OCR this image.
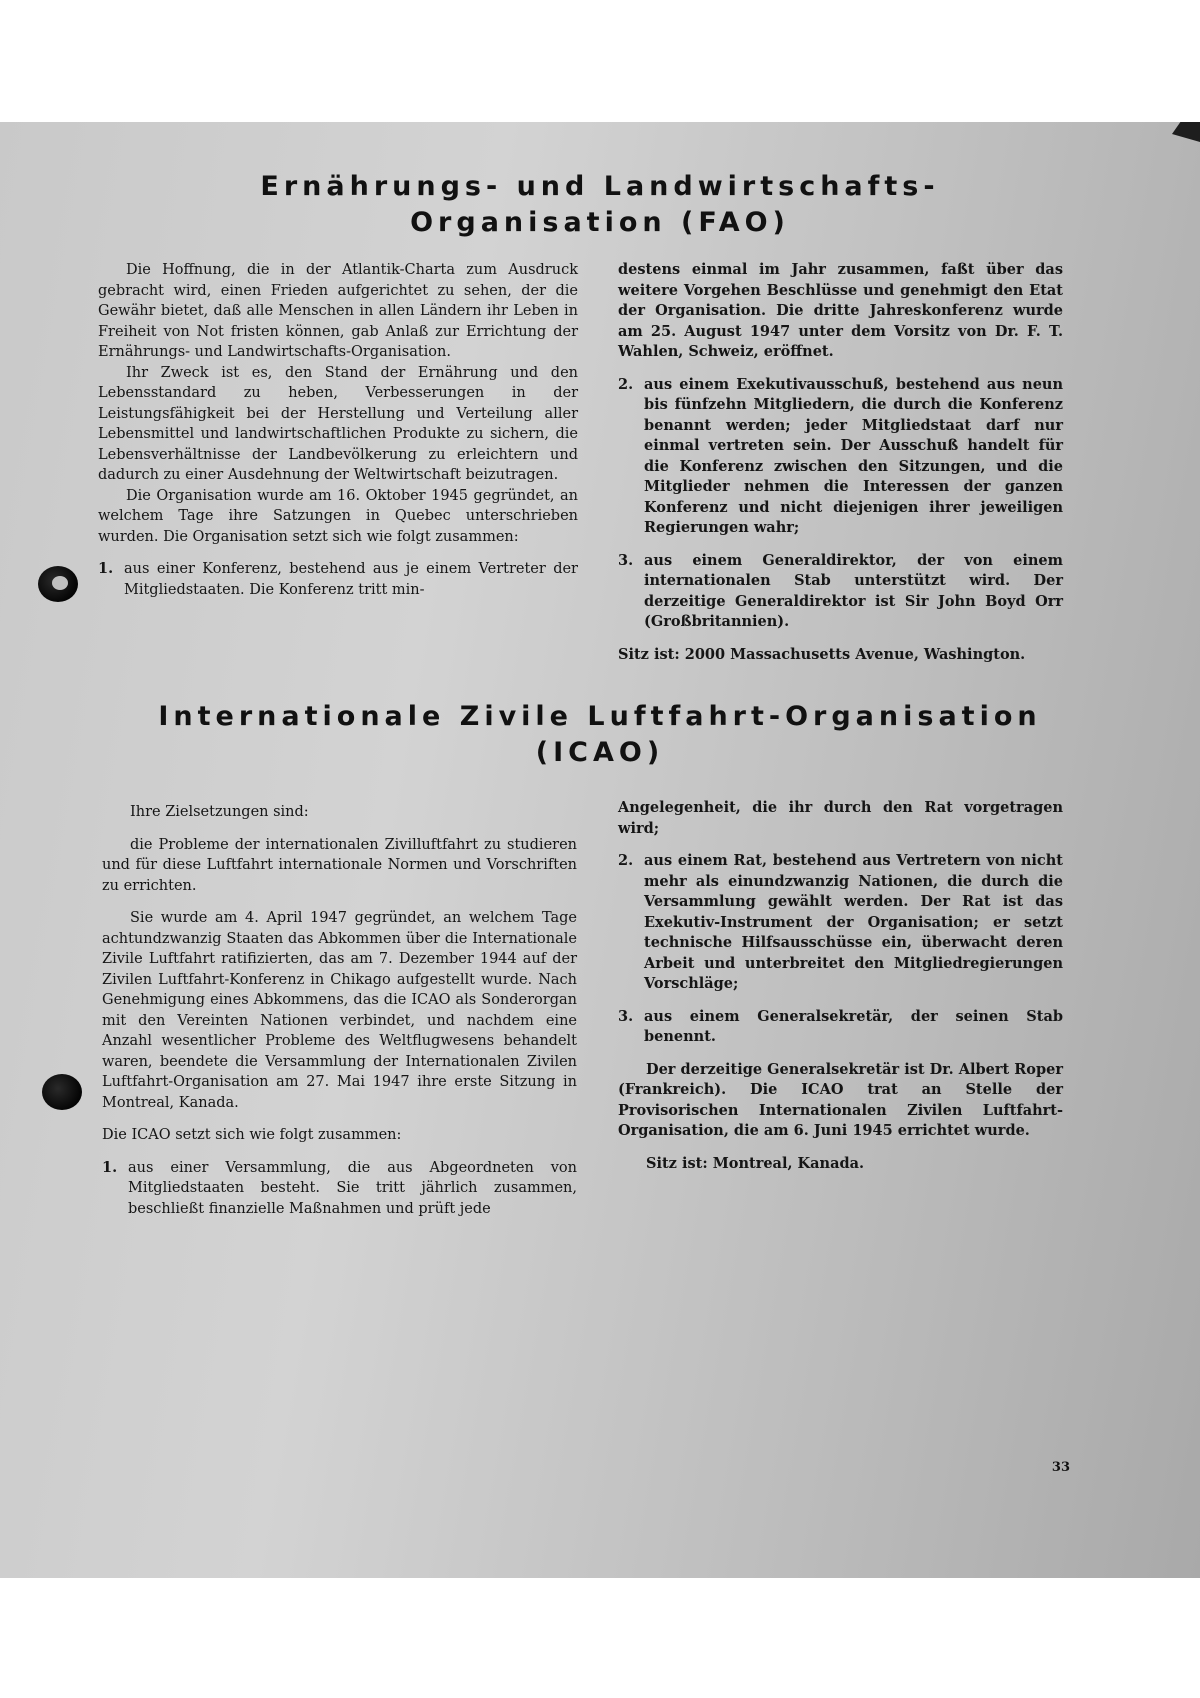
Ernährungs- und Landwirtschafts-
Organisation (FAO)

Die Hoffnung, die in der Atlantik-Charta zum Ausdruck gebracht wird, einen Frieden aufgerichtet zu sehen, der die Gewähr bietet, daß alle Menschen in allen Ländern ihr Leben in Freiheit von Not fristen können, gab Anlaß zur Errichtung der Ernährungs- und Landwirtschafts-Organisation.

Ihr Zweck ist es, den Stand der Ernährung und den Lebensstandard zu heben, Verbesserungen in der Leistungsfähigkeit bei der Herstellung und Verteilung aller Lebensmittel und landwirtschaftlichen Produkte zu sichern, die Lebensverhältnisse der Landbevölkerung zu erleichtern und dadurch zu einer Ausdehnung der Weltwirtschaft beizutragen.

Die Organisation wurde am 16. Oktober 1945 gegründet, an welchem Tage ihre Satzungen in Quebec unterschrieben wurden. Die Organisation setzt sich wie folgt zusammen:

1. aus einer Konferenz, bestehend aus je einem Vertreter der Mitgliedstaaten. Die Konferenz tritt min-

destens einmal im Jahr zusammen, faßt über das weitere Vorgehen Beschlüsse und genehmigt den Etat der Organisation. Die dritte Jahreskonferenz wurde am 25. August 1947 unter dem Vorsitz von Dr. F. T. Wahlen, Schweiz, eröffnet.

2. aus einem Exekutivausschuß, bestehend aus neun bis fünfzehn Mitgliedern, die durch die Konferenz benannt werden; jeder Mitgliedstaat darf nur einmal vertreten sein. Der Ausschuß handelt für die Konferenz zwischen den Sitzungen, und die Mitglieder nehmen die Interessen der ganzen Konferenz und nicht diejenigen ihrer jeweiligen Regierungen wahr;
3. aus einem Generaldirektor, der von einem internationalen Stab unterstützt wird. Der derzeitige Generaldirektor ist Sir John Boyd Orr (Großbritannien).

Sitz ist: 2000 Massachusetts Avenue, Washington.

Internationale Zivile Luftfahrt-Organisation
(ICAO)

Ihre Zielsetzungen sind:

die Probleme der internationalen Zivilluftfahrt zu studieren und für diese Luftfahrt internationale Normen und Vorschriften zu errichten.

Sie wurde am 4. April 1947 gegründet, an welchem Tage achtundzwanzig Staaten das Abkommen über die Internationale Zivile Luftfahrt ratifizierten, das am 7. Dezember 1944 auf der Zivilen Luftfahrt-Konferenz in Chikago aufgestellt wurde. Nach Genehmigung eines Abkommens, das die ICAO als Sonderorgan mit den Vereinten Nationen verbindet, und nachdem eine Anzahl wesentlicher Probleme des Weltflugwesens behandelt waren, beendete die Versammlung der Internationalen Zivilen Luftfahrt-Organisation am 27. Mai 1947 ihre erste Sitzung in Montreal, Kanada.

Die ICAO setzt sich wie folgt zusammen:

1. aus einer Versammlung, die aus Abgeordneten von Mitgliedstaaten besteht. Sie tritt jährlich zusammen, beschließt finanzielle Maßnahmen und prüft jede

Angelegenheit, die ihr durch den Rat vorgetragen wird;

2. aus einem Rat, bestehend aus Vertretern von nicht mehr als einundzwanzig Nationen, die durch die Versammlung gewählt werden. Der Rat ist das Exekutiv-Instrument der Organisation; er setzt technische Hilfsausschüsse ein, überwacht deren Arbeit und unterbreitet den Mitgliedregierungen Vorschläge;
3. aus einem Generalsekretär, der seinen Stab benennt.

Der derzeitige Generalsekretär ist Dr. Albert Roper (Frankreich). Die ICAO trat an Stelle der Provisorischen Internationalen Zivilen Luftfahrt-Organisation, die am 6. Juni 1945 errichtet wurde.

Sitz ist: Montreal, Kanada.

33
